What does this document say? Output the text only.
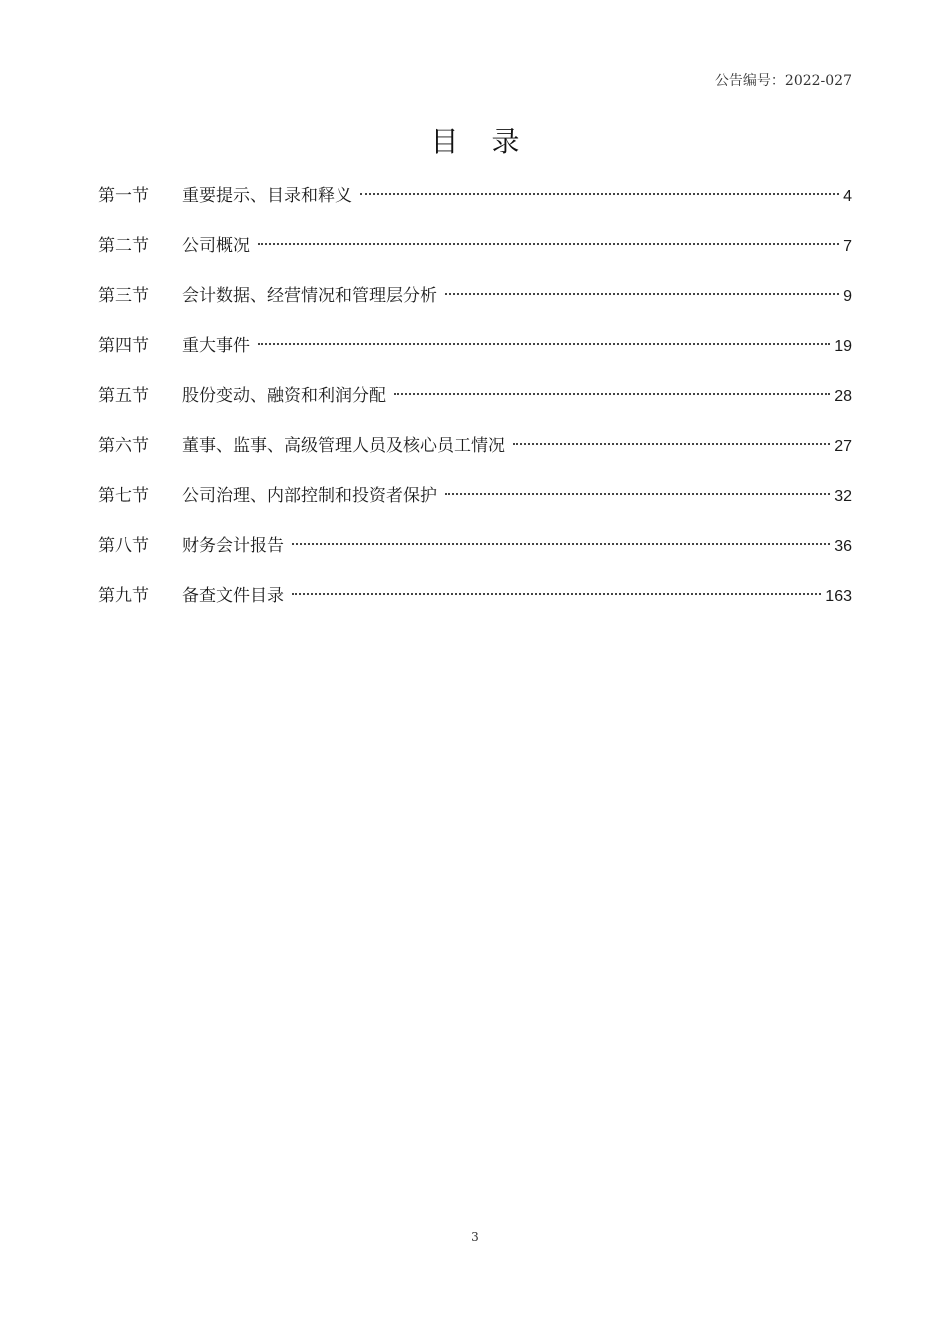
公告编号：2022-027
目 录
第一节	重要提示、目录和释义	4
第二节	公司概况	7
第三节	会计数据、经营情况和管理层分析	9
第四节	重大事件	19
第五节	股份变动、融资和利润分配	28
第六节	董事、监事、高级管理人员及核心员工情况	27
第七节	公司治理、内部控制和投资者保护	32
第八节	财务会计报告	36
第九节	备查文件目录	163
3
